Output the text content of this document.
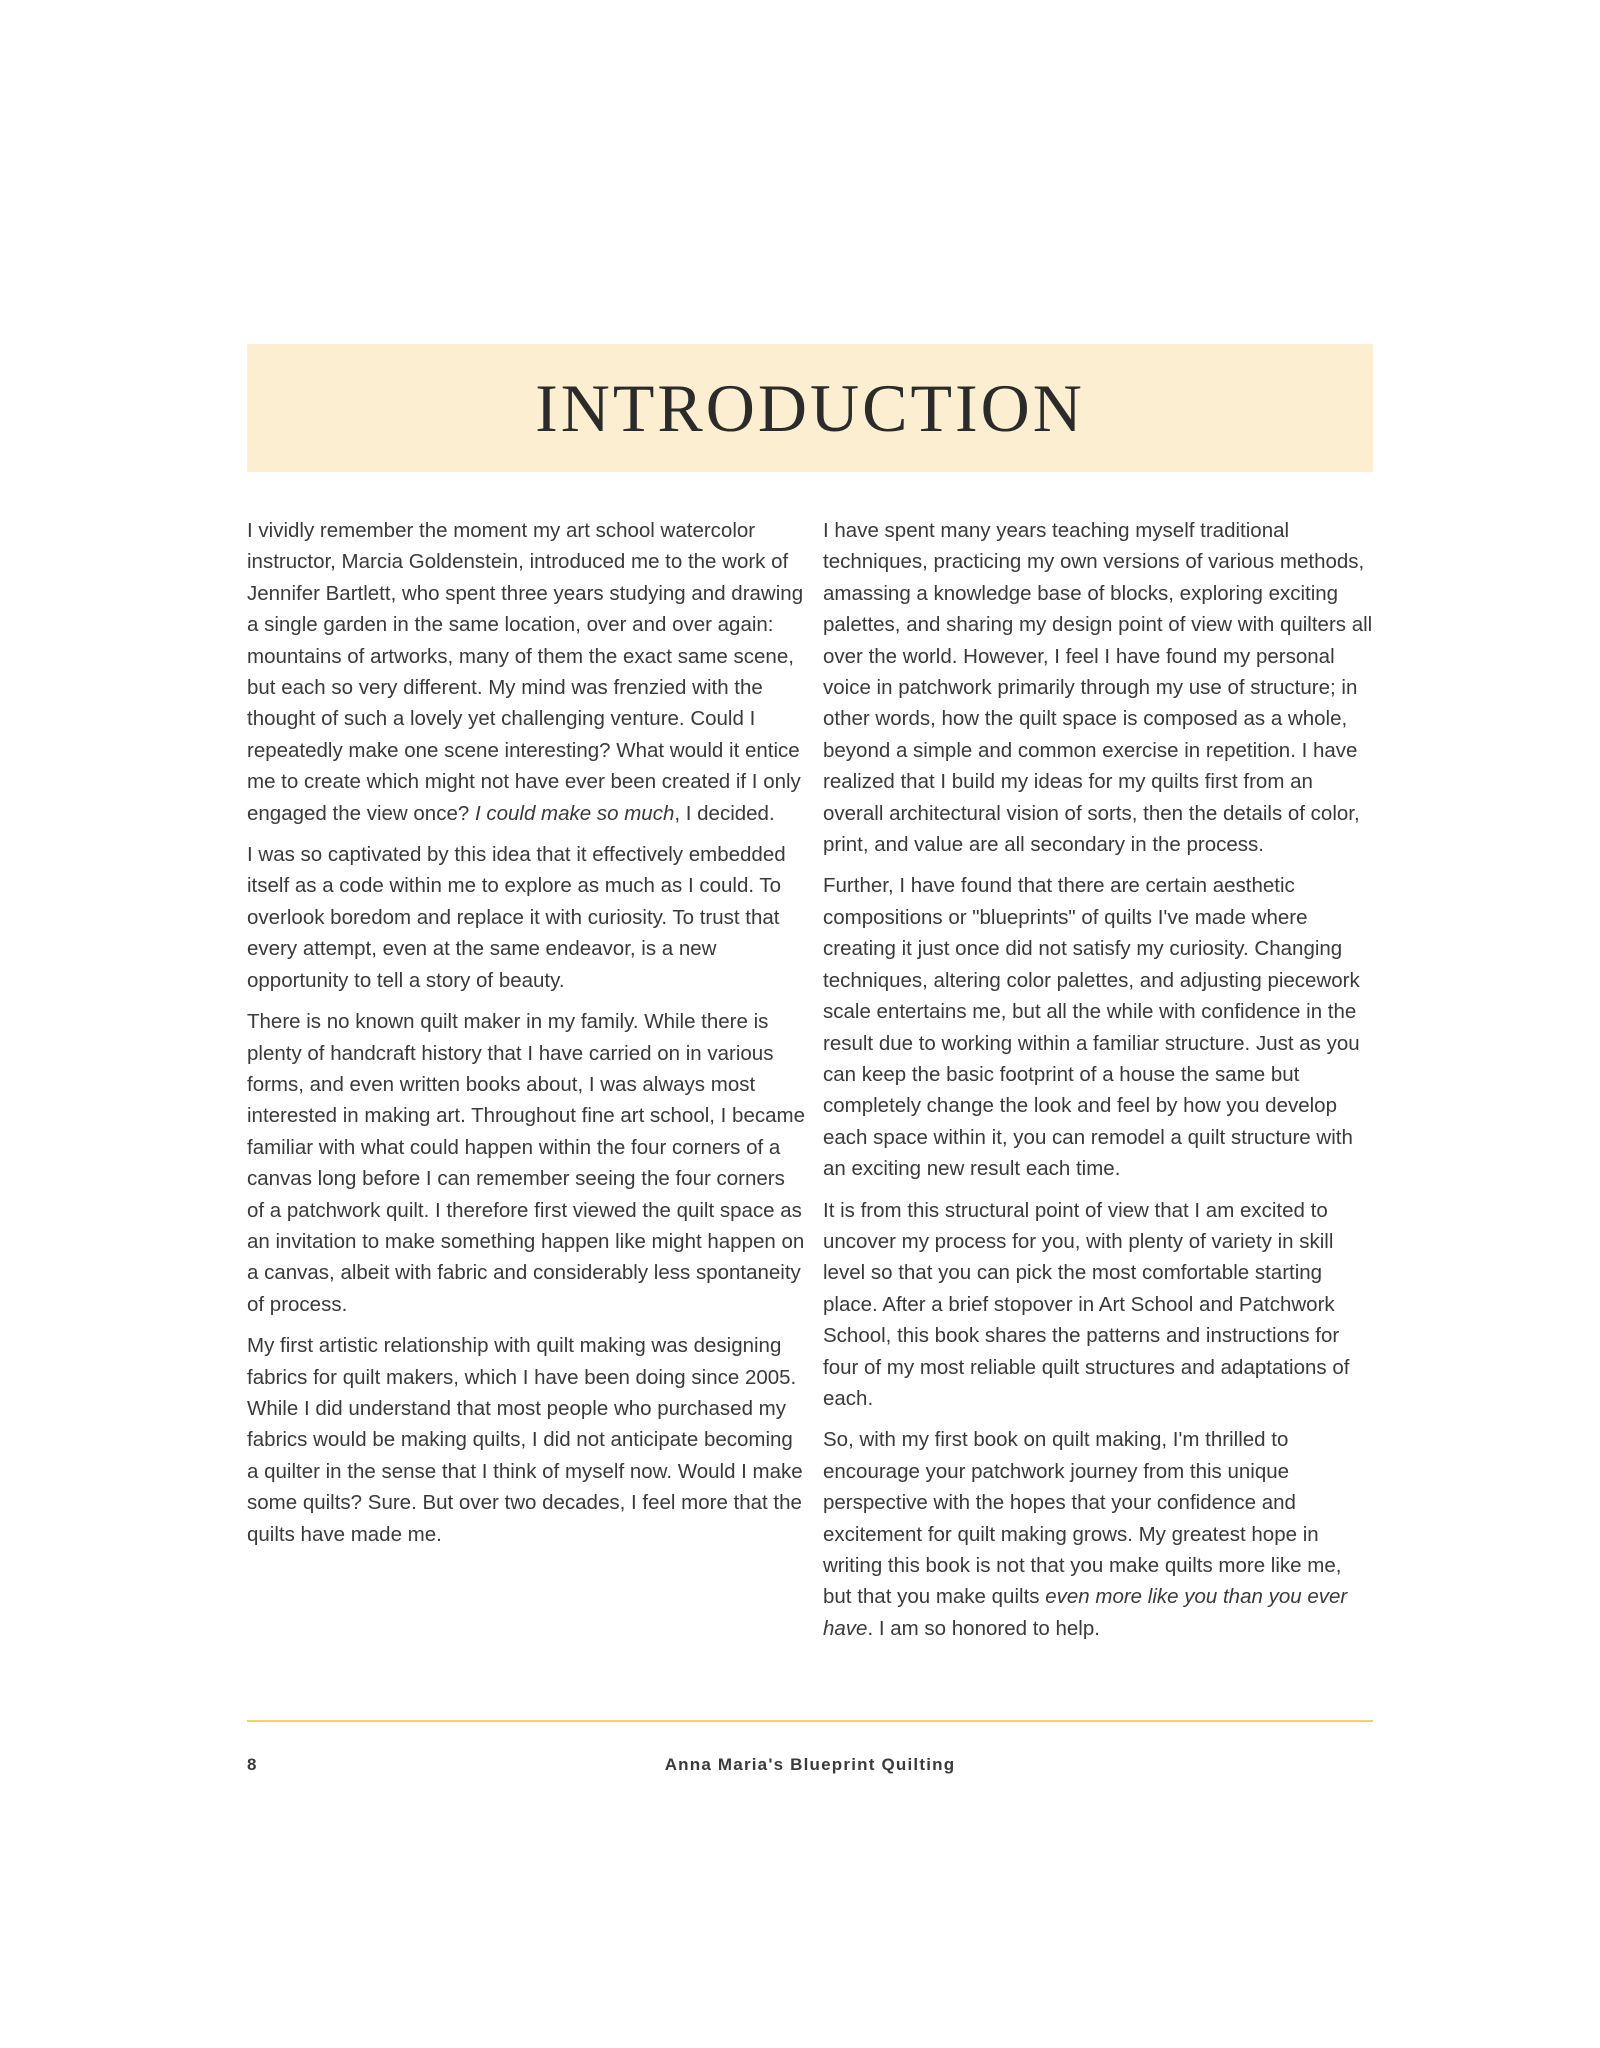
INTRODUCTION

I vividly remember the moment my art school watercolor instructor, Marcia Goldenstein, introduced me to the work of Jennifer Bartlett, who spent three years studying and drawing a single garden in the same location, over and over again: mountains of artworks, many of them the exact same scene, but each so very different. My mind was frenzied with the thought of such a lovely yet challenging venture. Could I repeatedly make one scene interesting? What would it entice me to create which might not have ever been created if I only engaged the view once? I could make so much, I decided.

I was so captivated by this idea that it effectively embedded itself as a code within me to explore as much as I could. To overlook boredom and replace it with curiosity. To trust that every attempt, even at the same endeavor, is a new opportunity to tell a story of beauty.

There is no known quilt maker in my family. While there is plenty of handcraft history that I have carried on in various forms, and even written books about, I was always most interested in making art. Throughout fine art school, I became familiar with what could happen within the four corners of a canvas long before I can remember seeing the four corners of a patchwork quilt. I therefore first viewed the quilt space as an invitation to make something happen like might happen on a canvas, albeit with fabric and considerably less spontaneity of process.

My first artistic relationship with quilt making was designing fabrics for quilt makers, which I have been doing since 2005. While I did understand that most people who purchased my fabrics would be making quilts, I did not anticipate becoming a quilter in the sense that I think of myself now. Would I make some quilts? Sure. But over two decades, I feel more that the quilts have made me.

I have spent many years teaching myself traditional techniques, practicing my own versions of various methods, amassing a knowledge base of blocks, exploring exciting palettes, and sharing my design point of view with quilters all over the world. However, I feel I have found my personal voice in patchwork primarily through my use of structure; in other words, how the quilt space is composed as a whole, beyond a simple and common exercise in repetition. I have realized that I build my ideas for my quilts first from an overall architectural vision of sorts, then the details of color, print, and value are all secondary in the process.

Further, I have found that there are certain aesthetic compositions or "blueprints" of quilts I've made where creating it just once did not satisfy my curiosity. Changing techniques, altering color palettes, and adjusting piecework scale entertains me, but all the while with confidence in the result due to working within a familiar structure. Just as you can keep the basic footprint of a house the same but completely change the look and feel by how you develop each space within it, you can remodel a quilt structure with an exciting new result each time.

It is from this structural point of view that I am excited to uncover my process for you, with plenty of variety in skill level so that you can pick the most comfortable starting place. After a brief stopover in Art School and Patchwork School, this book shares the patterns and instructions for four of my most reliable quilt structures and adaptations of each.

So, with my first book on quilt making, I'm thrilled to encourage your patchwork journey from this unique perspective with the hopes that your confidence and excitement for quilt making grows. My greatest hope in writing this book is not that you make quilts more like me, but that you make quilts even more like you than you ever have. I am so honored to help.

8	Anna Maria's Blueprint Quilting
